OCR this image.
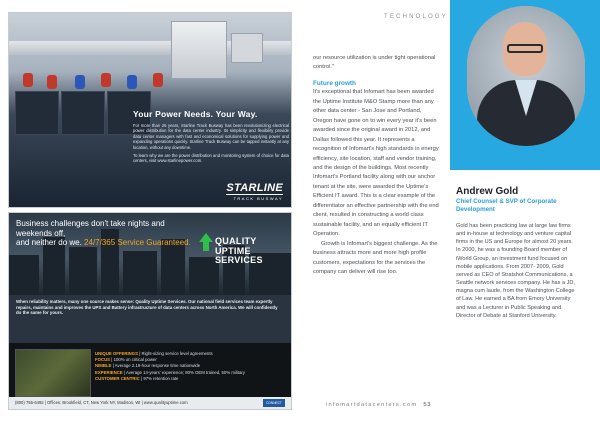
Your Power Needs. Your Way.

For more than 25 years, Starline Track Busway has been revolutionizing electrical power distribution for the data center industry. Its simplicity and flexibility provide data center managers with fast and economical solutions for supplying power and expanding operations quickly. Starline Track Busway can be tapped instantly at any location, without any downtime.

To learn why we are the power distribution and monitoring system of choice for data centers, visit www.starlinepower.com.

STARLINE
TRACK BUSWAY
Business challenges don't take nights and weekends off,
and neither do we. 24/7/365 Service Guaranteed.	QUALITY
UPTIME
SERVICES
When reliability matters, many one source makes sense: Quality Uptime Services. Our national field services team expertly repairs, maintains and improves the UPS and Battery infrastructure of data centers across North America. We will confidently do the same for yours.
UNIQUE OFFERINGS | Right-sizing service level agreements
FOCUS | 100% on critical power
NIMBLE | Average 2.19-hour response time nationwide
EXPERIENCE | Average 14-years' experience; 80% OEM trained, 50% military
CUSTOMER CENTRIC | 97% retention rate
(800) 755-6492 | Offices: Brookfield, CT, New York NY, Madison, WI | www.qualityuptime.com	CONNECT
TECHNOLOGY

our resource utilization is under tight operational control."

Future growth

It's exceptional that Infomart has been awarded the Uptime Institute M&O Stamp more than any other data center - San Jose and Portland, Oregon have gone on to win every year it's been awarded since the original award in 2012, and Dallas followed this year. It represents a recognition of Infomart's high standards in energy efficiency, site location, staff and vendor training, and the design of the buildings. Most recently Infomart's Portland facility along with our anchor tenant at the site, were awarded the Uptime's Efficient IT award. This is a clear example of the differentiator an effective partnership with the end client, resulted in constructing a world class sustainable facility, and an equally efficient IT Operation.

Growth is Infomart's biggest challenge. As the business attracts more and more high profile customers, expectations for the services the company can deliver will rise too.

infomartdatacenters.com 53
Andrew Gold
Chief Counsel & SVP of Corporate Development
Gold has been practicing law at large law firms and in-house at technology and venture capital firms in the US and Europe for almost 20 years. In 2000, he was a founding Board member of iWorld Group, an investment fund focused on mobile applications. From 2007- 2009, Gold served as CEO of Stratshot Communications, a Seattle network services company. He has a JD, magna cum laude, from the Washington College of Law. He earned a BA from Emory University and was a Lecturer in Public Speaking and Director of Debate at Stanford University.
